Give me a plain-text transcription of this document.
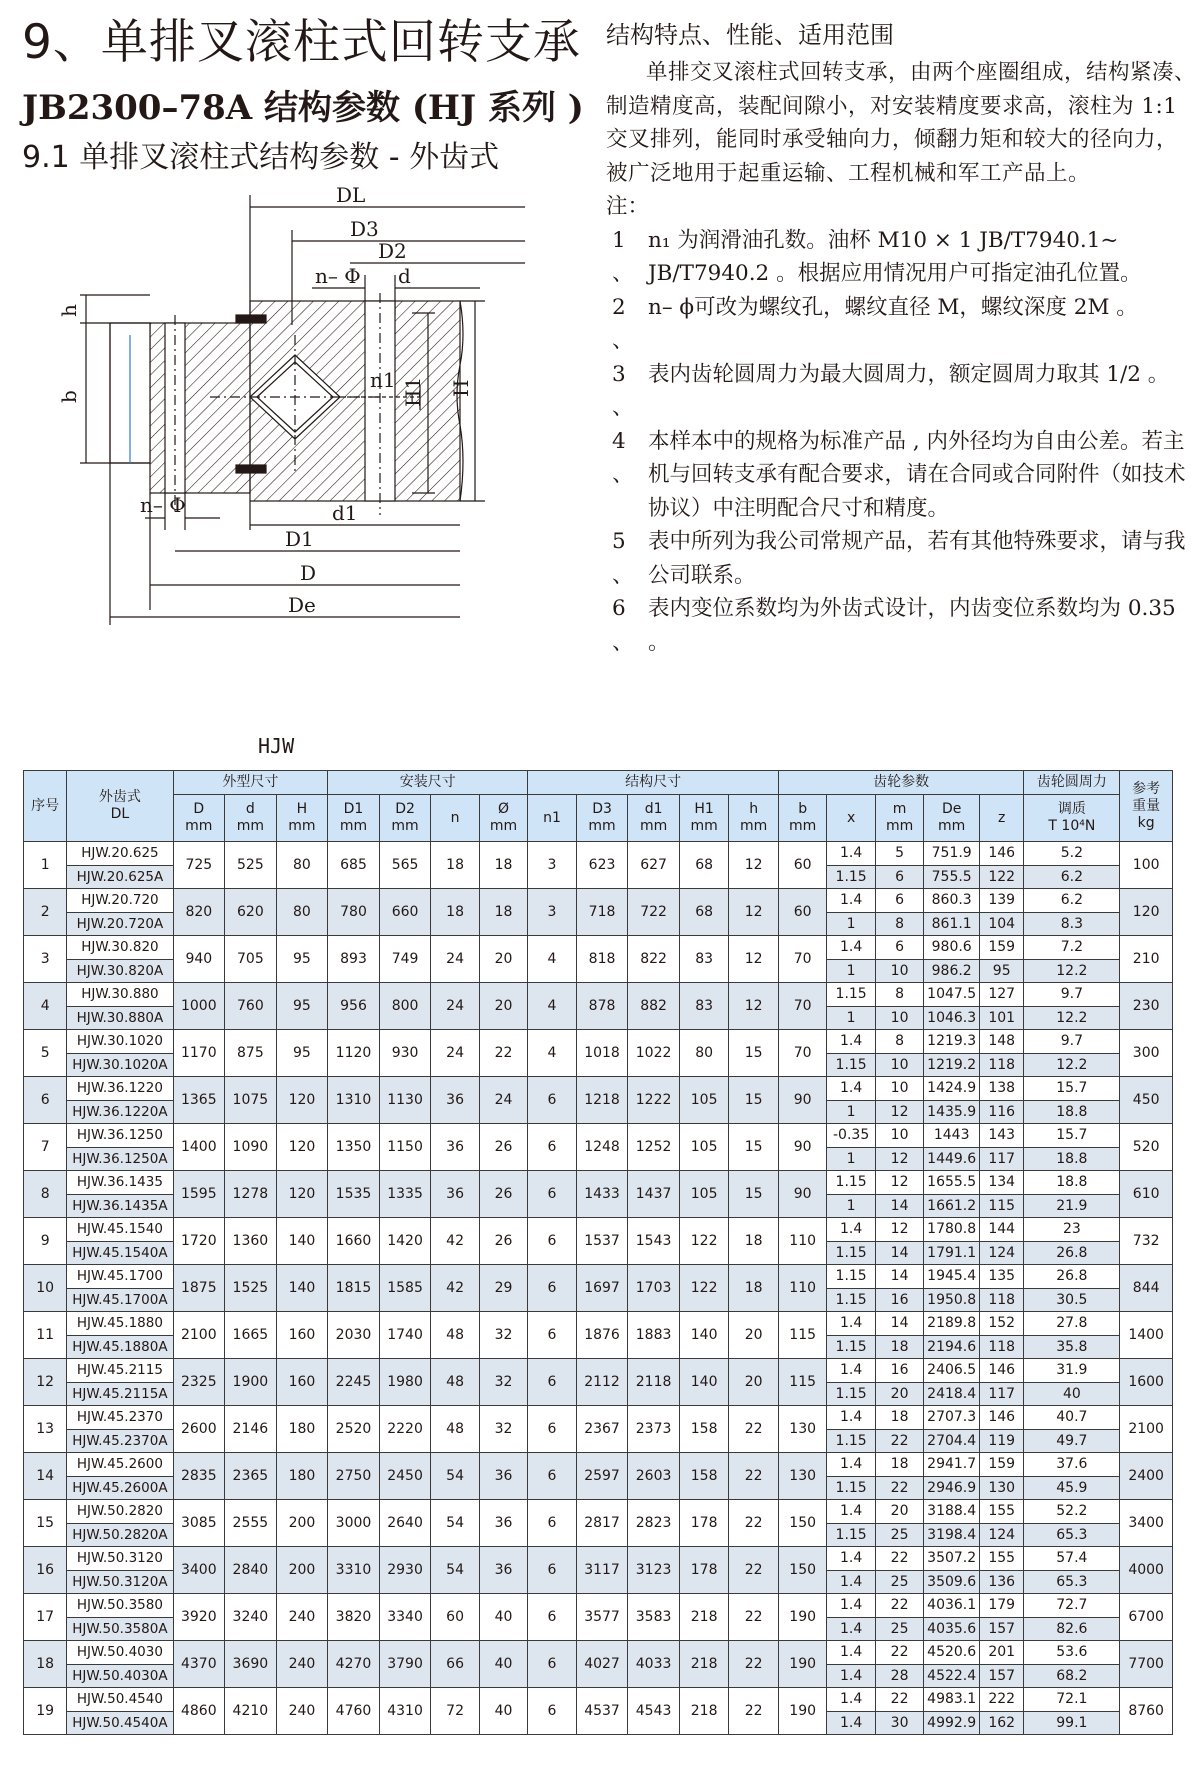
9、单排叉滚柱式回转支承
JB2300–78A 结构参数 (HJ 系列 )
9.1 单排叉滚柱式结构参数 - 外齿式
结构特点、性能、适用范围
单排交叉滚柱式回转支承，由两个座圈组成，结构紧凑、制造精度高，装配间隙小，对安装精度要求高，滚柱为 1:1 交叉排列，能同时承受轴向力，倾翻力矩和较大的径向力，被广泛地用于起重运输、工程机械和军工产品上。
注：
1 、
n₁ 为润滑油孔数。油杯 M10 × 1 JB/T7940.1~ JB/T7940.2 。根据应用情况用户可指定油孔位置。
2 、
n– ϕ可改为螺纹孔，螺纹直径 M，螺纹深度 2M 。
3 、
表内齿轮圆周力为最大圆周力，额定圆周力取其 1/2 。
4 、
本样本中的规格为标准产品 , 内外径均为自由公差。若主机与回转支承有配合要求，请在合同或合同附件（如技术协议）中注明配合尺寸和精度。
5 、
表中所列为我公司常规产品，若有其他特殊要求，请与我公司联系。
6 、
表内变位系数均为外齿式设计，内齿变位系数均为 0.35 。
DL
D3
D2
n– Φ d
h
b
n1 H1 H
n– Φ	d1
D1
D
De
HJW
序号	外齿式
DL	外型尺寸			安装尺寸				结构尺寸					齿轮参数					齿轮圆周力	参考
重量
kg

		D
mm	d
mm	H
mm	D1
mm	D2
mm	n	Ø
mm	n1	D3
mm	d1
mm	H1
mm	h
mm	b
mm	x	m
mm	De
mm	z	调质
T 10⁴N	

1	HJW.20.625	725	525	80	685	565	18	18	3	623	627	68	12	60	1.4	5	751.9	146	5.2	100
	HJW.20.625A														1.15	6	755.5	122	6.2	
2	HJW.20.720	820	620	80	780	660	18	18	3	718	722	68	12	60	1.4	6	860.3	139	6.2	120
	HJW.20.720A														1	8	861.1	104	8.3	
3	HJW.30.820	940	705	95	893	749	24	20	4	818	822	83	12	70	1.4	6	980.6	159	7.2	210
	HJW.30.820A														1	10	986.2	95	12.2	
4	HJW.30.880	1000	760	95	956	800	24	20	4	878	882	83	12	70	1.15	8	1047.5	127	9.7	230
	HJW.30.880A														1	10	1046.3	101	12.2	
5	HJW.30.1020	1170	875	95	1120	930	24	22	4	1018	1022	80	15	70	1.4	8	1219.3	148	9.7	300
	HJW.30.1020A														1.15	10	1219.2	118	12.2	
6	HJW.36.1220	1365	1075	120	1310	1130	36	24	6	1218	1222	105	15	90	1.4	10	1424.9	138	15.7	450
	HJW.36.1220A														1	12	1435.9	116	18.8	
7	HJW.36.1250	1400	1090	120	1350	1150	36	26	6	1248	1252	105	15	90	-0.35	10	1443	143	15.7	520
	HJW.36.1250A														1	12	1449.6	117	18.8	
8	HJW.36.1435	1595	1278	120	1535	1335	36	26	6	1433	1437	105	15	90	1.15	12	1655.5	134	18.8	610
	HJW.36.1435A														1	14	1661.2	115	21.9	
9	HJW.45.1540	1720	1360	140	1660	1420	42	26	6	1537	1543	122	18	110	1.4	12	1780.8	144	23	732
	HJW.45.1540A														1.15	14	1791.1	124	26.8	
10	HJW.45.1700	1875	1525	140	1815	1585	42	29	6	1697	1703	122	18	110	1.15	14	1945.4	135	26.8	844
	HJW.45.1700A														1.15	16	1950.8	118	30.5	
11	HJW.45.1880	2100	1665	160	2030	1740	48	32	6	1876	1883	140	20	115	1.4	14	2189.8	152	27.8	1400
	HJW.45.1880A														1.15	18	2194.6	118	35.8	
12	HJW.45.2115	2325	1900	160	2245	1980	48	32	6	2112	2118	140	20	115	1.4	16	2406.5	146	31.9	1600
	HJW.45.2115A														1.15	20	2418.4	117	40	
13	HJW.45.2370	2600	2146	180	2520	2220	48	32	6	2367	2373	158	22	130	1.4	18	2707.3	146	40.7	2100
	HJW.45.2370A														1.15	22	2704.4	119	49.7	
14	HJW.45.2600	2835	2365	180	2750	2450	54	36	6	2597	2603	158	22	130	1.4	18	2941.7	159	37.6	2400
	HJW.45.2600A														1.15	22	2946.9	130	45.9	
15	HJW.50.2820	3085	2555	200	3000	2640	54	36	6	2817	2823	178	22	150	1.4	20	3188.4	155	52.2	3400
	HJW.50.2820A														1.15	25	3198.4	124	65.3	
16	HJW.50.3120	3400	2840	200	3310	2930	54	36	6	3117	3123	178	22	150	1.4	22	3507.2	155	57.4	4000
	HJW.50.3120A														1.4	25	3509.6	136	65.3	
17	HJW.50.3580	3920	3240	240	3820	3340	60	40	6	3577	3583	218	22	190	1.4	22	4036.1	179	72.7	6700
	HJW.50.3580A														1.4	25	4035.6	157	82.6	
18	HJW.50.4030	4370	3690	240	4270	3790	66	40	6	4027	4033	218	22	190	1.4	22	4520.6	201	53.6	7700
	HJW.50.4030A														1.4	28	4522.4	157	68.2	
19	HJW.50.4540	4860	4210	240	4760	4310	72	40	6	4537	4543	218	22	190	1.4	22	4983.1	222	72.1	8760
	HJW.50.4540A														1.4	30	4992.9	162	99.1	
